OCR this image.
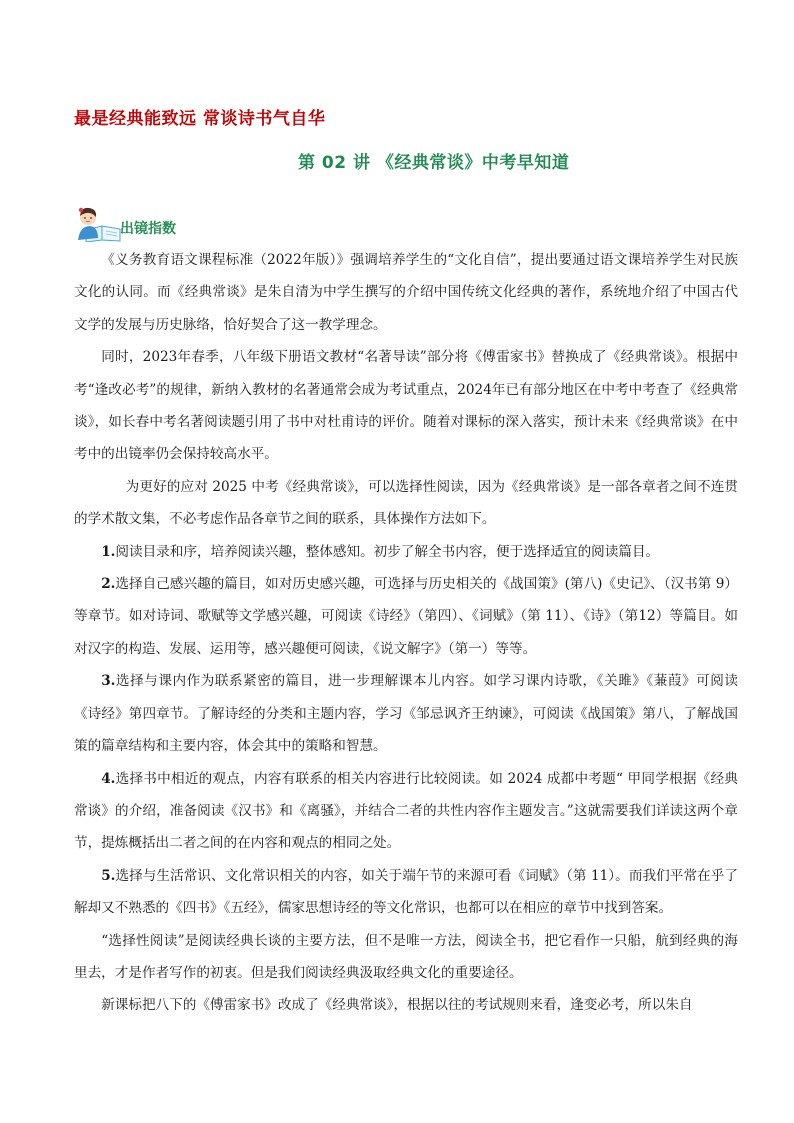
最是经典能致远 常谈诗书气自华
第 02 讲 《经典常谈》中考早知道
出镜指数

《义务教育语文课程标准（2022年版）》强调培养学生的“文化自信”，提出要通过语文课培养学生对民族文化的认同。而《经典常谈》是朱自清为中学生撰写的介绍中国传统文化经典的著作，系统地介绍了中国古代文学的发展与历史脉络，恰好契合了这一教学理念。

同时，2023年春季，八年级下册语文教材“名著导读”部分将《傅雷家书》替换成了《经典常谈》。根据中考“逢改必考”的规律，新纳入教材的名著通常会成为考试重点，2024年已有部分地区在中考中考查了《经典常谈》，如长春中考名著阅读题引用了书中对杜甫诗的评价。随着对课标的深入落实，预计未来《经典常谈》在中考中的出镜率仍会保持较高水平。

为更好的应对 2025 中考《经典常谈》，可以选择性阅读，因为《经典常谈》是一部各章者之间不连贯的学术散文集，不必考虑作品各章节之间的联系，具体操作方法如下。

1.阅读目录和序，培养阅读兴趣，整体感知。初步了解全书内容，便于选择适宜的阅读篇目。

2.选择自己感兴趣的篇目，如对历史感兴趣，可选择与历史相关的《战国策》(第八)《史记》、（汉书第 9）等章节。如对诗词、歌赋等文学感兴趣，可阅读《诗经》（第四）、《词赋》（第 11）、《诗》（第12）等篇目。如对汉字的构造、发展、运用等，感兴趣便可阅读，《说文解字》（第一）等等。

3.选择与课内作为联系紧密的篇目，进一步理解课本儿内容。如学习课内诗歌，《关雎》《蒹葭》可阅读《诗经》第四章节。了解诗经的分类和主题内容，学习《邹忌讽齐王纳谏》，可阅读《战国策》第八，了解战国策的篇章结构和主要内容，体会其中的策略和智慧。

4.选择书中相近的观点，内容有联系的相关内容进行比较阅读。如 2024 成都中考题“ 甲同学根据《经典常谈》的介绍，准备阅读《汉书》和《离骚》，并结合二者的共性内容作主题发言。”这就需要我们详读这两个章节，提炼概括出二者之间的在内容和观点的相同之处。

5.选择与生活常识、文化常识相关的内容，如关于端午节的来源可看《词赋》（第 11）。而我们平常在乎了解却又不熟悉的《四书》《五经》，儒家思想诗经的等文化常识，也都可以在相应的章节中找到答案。

“选择性阅读”是阅读经典长谈的主要方法，但不是唯一方法，阅读全书，把它看作一只船，航到经典的海里去，才是作者写作的初衷。但是我们阅读经典汲取经典文化的重要途径。

新课标把八下的《傅雷家书》改成了《经典常谈》，根据以往的考试规则来看，逢变必考，所以朱自
